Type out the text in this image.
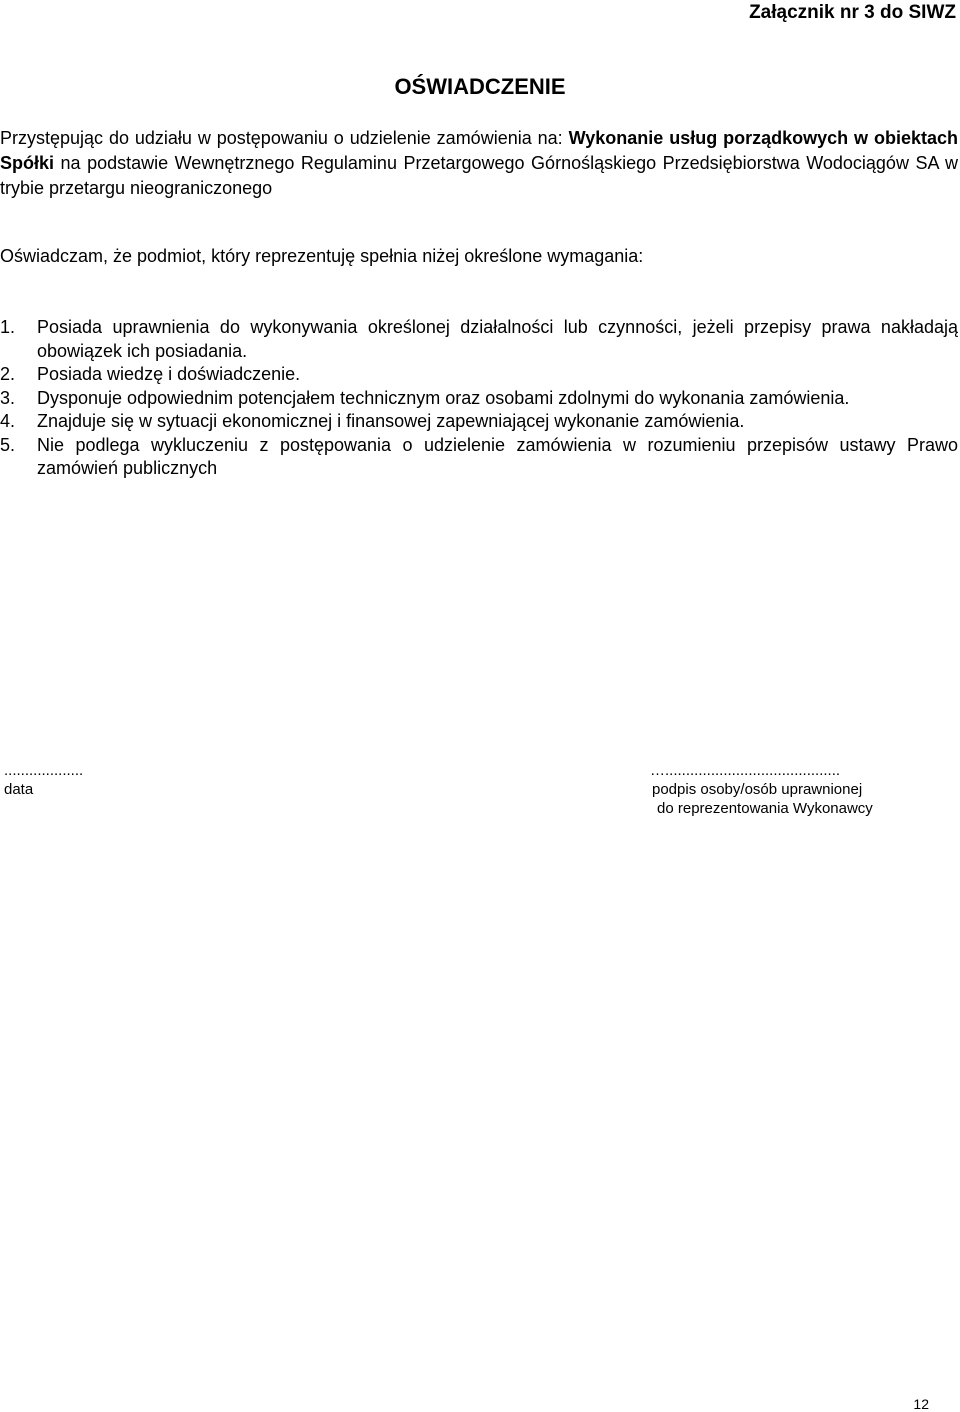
Załącznik nr 3 do SIWZ
OŚWIADCZENIE

Przystępując do udziału w postępowaniu o udzielenie zamówienia na: Wykonanie usług porządkowych w obiektach Spółki na podstawie Wewnętrznego Regulaminu Przetargowego Górnośląskiego Przedsiębiorstwa Wodociągów SA w trybie przetargu nieograniczonego

Oświadczam, że podmiot, który reprezentuję spełnia niżej określone wymagania:
1. Posiada uprawnienia do wykonywania określonej działalności lub czynności, jeżeli przepisy prawa nakładają obowiązek ich posiadania.
2. Posiada wiedzę i doświadczenie.
3. Dysponuje odpowiednim potencjałem technicznym oraz osobami zdolnymi do wykonania zamówienia.
4. Znajduje się w sytuacji ekonomicznej i finansowej zapewniającej wykonanie zamówienia.
5. Nie podlega wykluczeniu z postępowania o udzielenie zamówienia w rozumieniu przepisów ustawy Prawo zamówień publicznych
...................
data
…..........................................
podpis osoby/osób uprawnionej
do reprezentowania Wykonawcy
12
